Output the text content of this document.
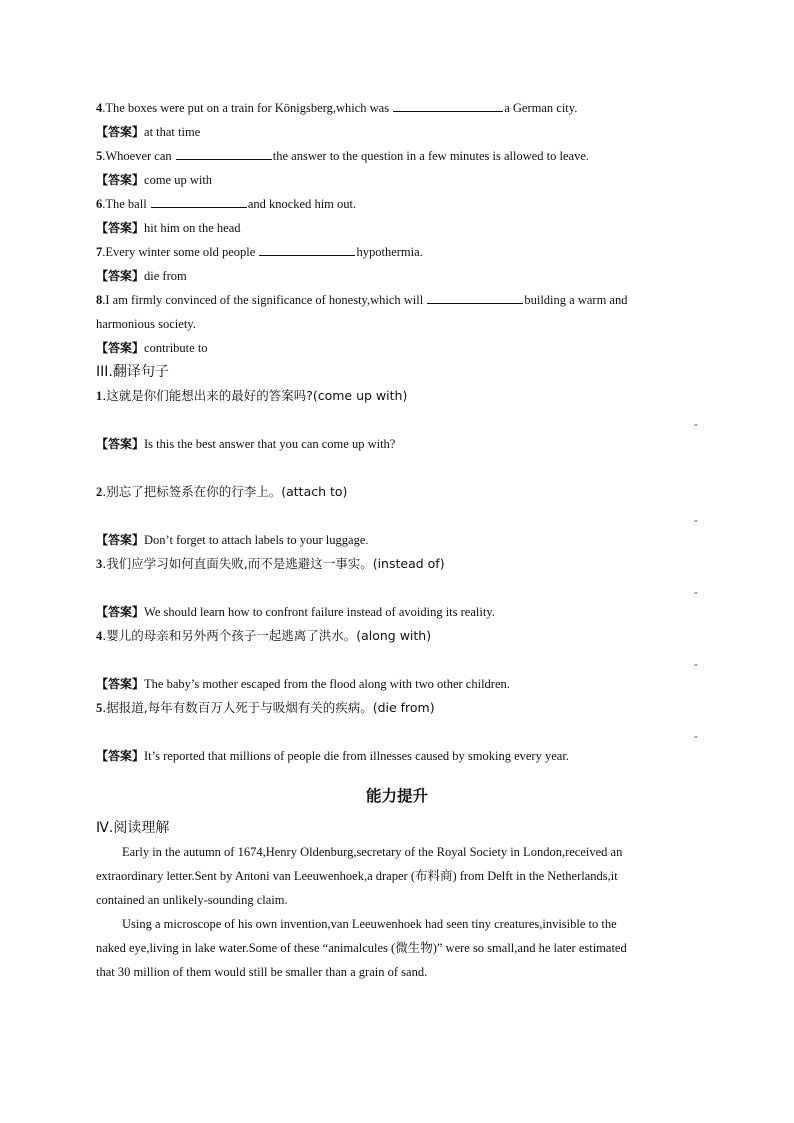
4.The boxes were put on a train for Königsberg,which was	a German city.
【答案】at that time
5.Whoever can	the answer to the question in a few minutes is allowed to leave.
【答案】come up with
6.The ball	and knocked him out.
【答案】hit him on the head
7.Every winter some old people	hypothermia.
【答案】die from
8.I am firmly convinced of the significance of honesty,which will	building a warm and
harmonious society.
【答案】contribute to
III.翻译句子
1.这就是你们能想出来的最好的答案吗?(come up with)
-
【答案】Is this the best answer that you can come up with?
2.别忘了把标签系在你的行李上。(attach to)
-
【答案】Don’t forget to attach labels to your luggage.
3.我们应学习如何直面失败,而不是逃避这一事实。(instead of)
-
【答案】We should learn how to confront failure instead of avoiding its reality.
4.婴儿的母亲和另外两个孩子一起逃离了洪水。(along with)
-
【答案】The baby’s mother escaped from the flood along with two other children.
5.据报道,每年有数百万人死于与吸烟有关的疾病。(die from)
-
【答案】It’s reported that millions of people die from illnesses caused by smoking every year.
能力提升
Ⅳ.阅读理解
Early in the autumn of 1674,Henry Oldenburg,secretary of the Royal Society in London,received an
extraordinary letter.Sent by Antoni van Leeuwenhoek,a draper (布料商) from Delft in the Netherlands,it
contained an unlikely-sounding claim.
Using a microscope of his own invention,van Leeuwenhoek had seen tiny creatures,invisible to the
naked eye,living in lake water.Some of these “animalcules (微生物)” were so small,and he later estimated
that 30 million of them would still be smaller than a grain of sand.
